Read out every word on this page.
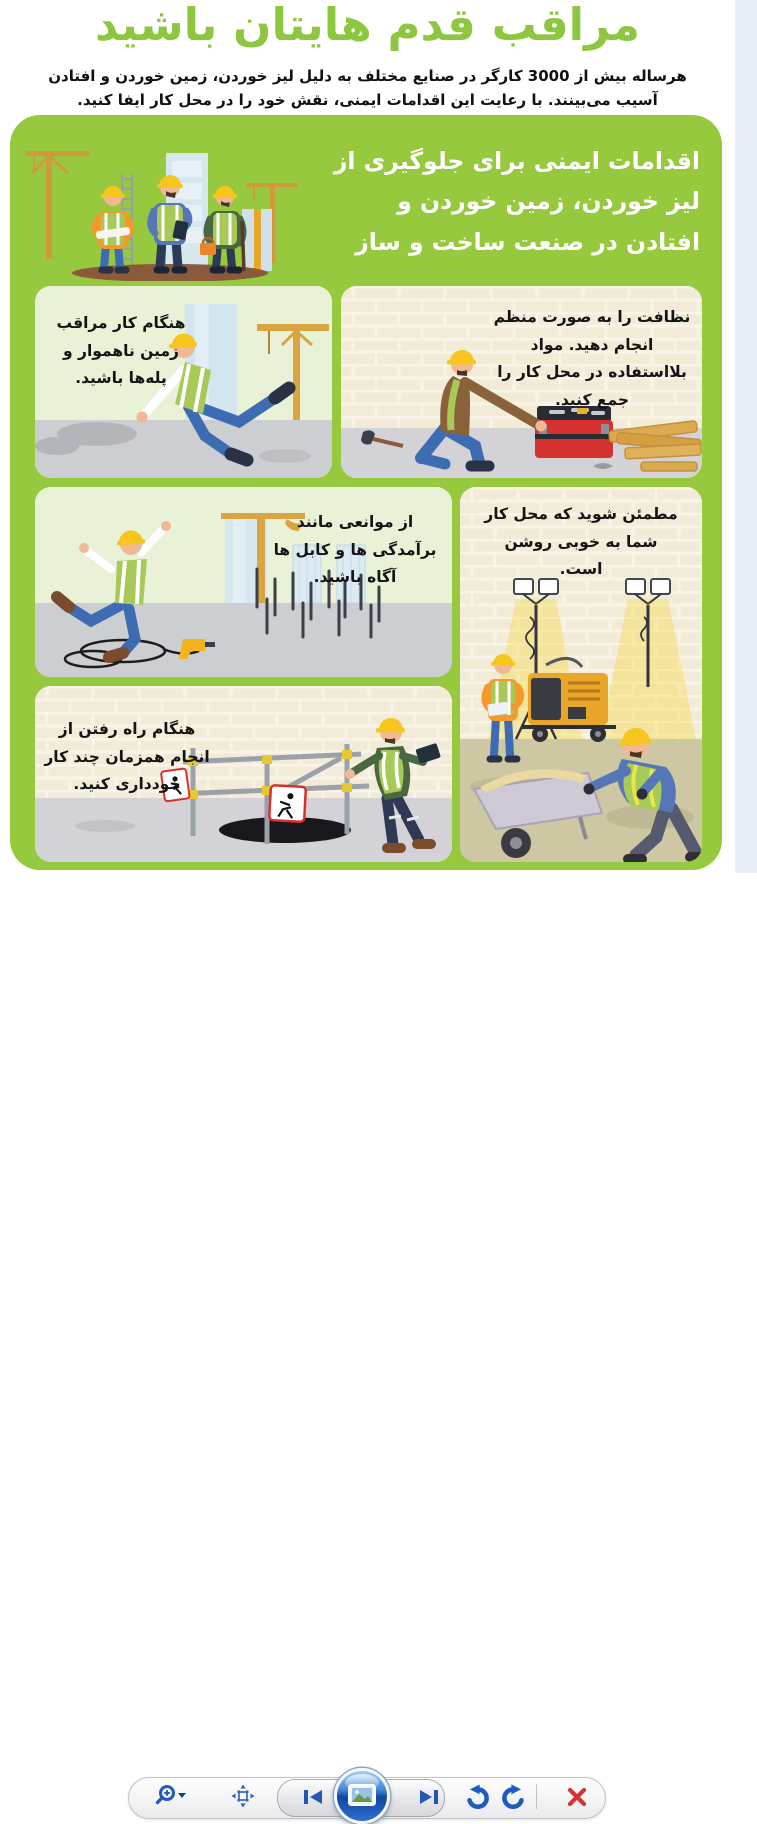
مراقب قدم هایتان باشید
هرساله بیش از 3000 کارگر در صنایع مختلف به دلیل لیز خوردن، زمین خوردن و افتادن آسیب می‌بینند. با رعایت این اقدامات ایمنی، نقش خود را در محل کار ایفا کنید.
اقدامات ایمنی برای جلوگیری از لیز خوردن، زمین خوردن و افتادن در صنعت ساخت و ساز
هنگام کار مراقب زمین ناهموار و پله‌ها باشید.
نظافت را به صورت منظم انجام دهید. مواد بلااستفاده در محل کار را جمع کنید.
از موانعی مانند برآمدگی ها و کابل ها آگاه باشید.
مطمئن شوید که محل کار شما به خوبی روشن است.
هنگام راه رفتن از انجام همزمان چند کار خودداری کنید.
